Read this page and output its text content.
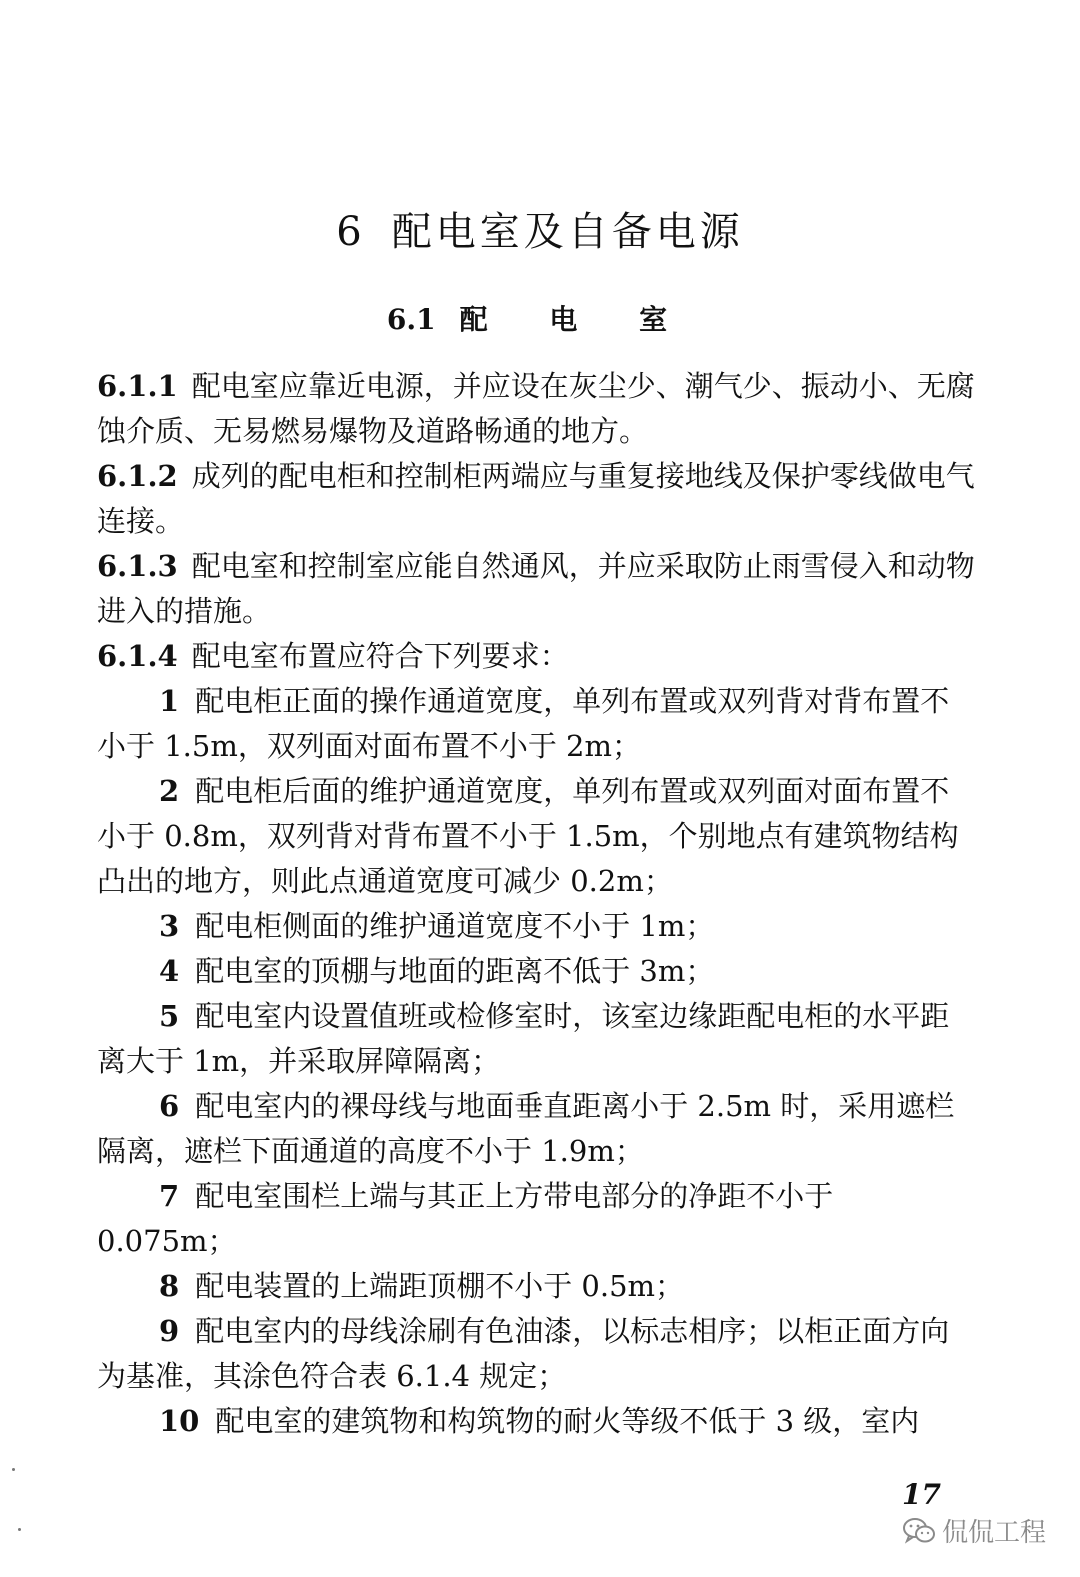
6 配电室及自备电源
6.1 配 电 室

6.1.1 配电室应靠近电源，并应设在灰尘少、潮气少、振动小、无腐蚀介质、无易燃易爆物及道路畅通的地方。

6.1.2 成列的配电柜和控制柜两端应与重复接地线及保护零线做电气连接。

6.1.3 配电室和控制室应能自然通风，并应采取防止雨雪侵入和动物进入的措施。

6.1.4 配电室布置应符合下列要求：

1 配电柜正面的操作通道宽度，单列布置或双列背对背布置不小于 1.5m，双列面对面布置不小于 2m；

2 配电柜后面的维护通道宽度，单列布置或双列面对面布置不小于 0.8m，双列背对背布置不小于 1.5m，个别地点有建筑物结构凸出的地方，则此点通道宽度可减少 0.2m；

3 配电柜侧面的维护通道宽度不小于 1m；

4 配电室的顶棚与地面的距离不低于 3m；

5 配电室内设置值班或检修室时，该室边缘距配电柜的水平距离大于 1m，并采取屏障隔离；

6 配电室内的裸母线与地面垂直距离小于 2.5m 时，采用遮栏隔离，遮栏下面通道的高度不小于 1.9m；

7 配电室围栏上端与其正上方带电部分的净距不小于 0.075m；

8 配电装置的上端距顶棚不小于 0.5m；

9 配电室内的母线涂刷有色油漆，以标志相序；以柜正面方向为基准，其涂色符合表 6.1.4 规定；

10 配电室的建筑物和构筑物的耐火等级不低于 3 级，室内

17
侃侃工程
